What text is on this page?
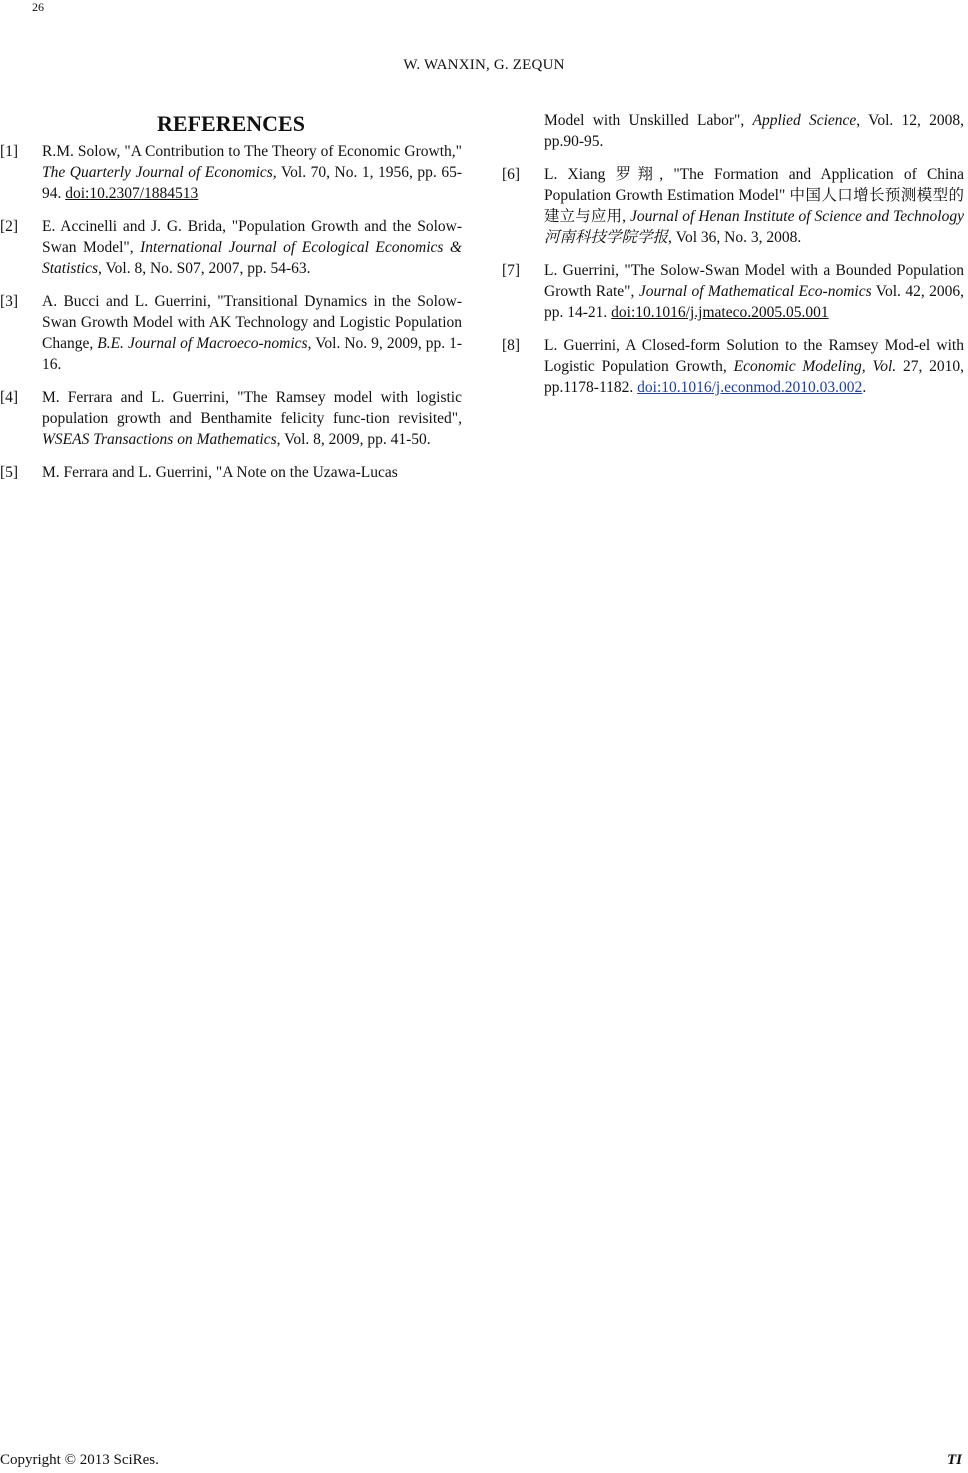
26
W. WANXIN, G. ZEQUN
REFERENCES
[1] R.M. Solow, "A Contribution to The Theory of Economic Growth," The Quarterly Journal of Economics, Vol. 70, No. 1, 1956, pp. 65-94. doi:10.2307/1884513
[2] E. Accinelli and J. G. Brida, "Population Growth and the Solow-Swan Model", International Journal of Ecological Economics & Statistics, Vol. 8, No. S07, 2007, pp. 54-63.
[3] A. Bucci and L. Guerrini, "Transitional Dynamics in the Solow-Swan Growth Model with AK Technology and Logistic Population Change, B.E. Journal of Macroeco-nomics, Vol. No. 9, 2009, pp. 1-16.
[4] M. Ferrara and L. Guerrini, "The Ramsey model with logistic population growth and Benthamite felicity func-tion revisited", WSEAS Transactions on Mathematics, Vol. 8, 2009, pp. 41-50.
[5] M. Ferrara and L. Guerrini, "A Note on the Uzawa-Lucas
Model with Unskilled Labor", Applied Science, Vol. 12, 2008, pp.90-95.
[6] L. Xiang 罗翔, "The Formation and Application of China Population Growth Estimation Model" 中国人口增长预测模型的建立与应用, Journal of Henan Institute of Science and Technology 河南科技学院学报, Vol 36, No. 3, 2008.
[7] L. Guerrini, "The Solow-Swan Model with a Bounded Population Growth Rate", Journal of Mathematical Eco-nomics Vol. 42, 2006, pp. 14-21. doi:10.1016/j.jmateco.2005.05.001
[8] L. Guerrini, A Closed-form Solution to the Ramsey Mod-el with Logistic Population Growth, Economic Modeling, Vol. 27, 2010, pp.1178-1182. doi:10.1016/j.econmod.2010.03.002.
Copyright © 2013 SciRes.	TI
